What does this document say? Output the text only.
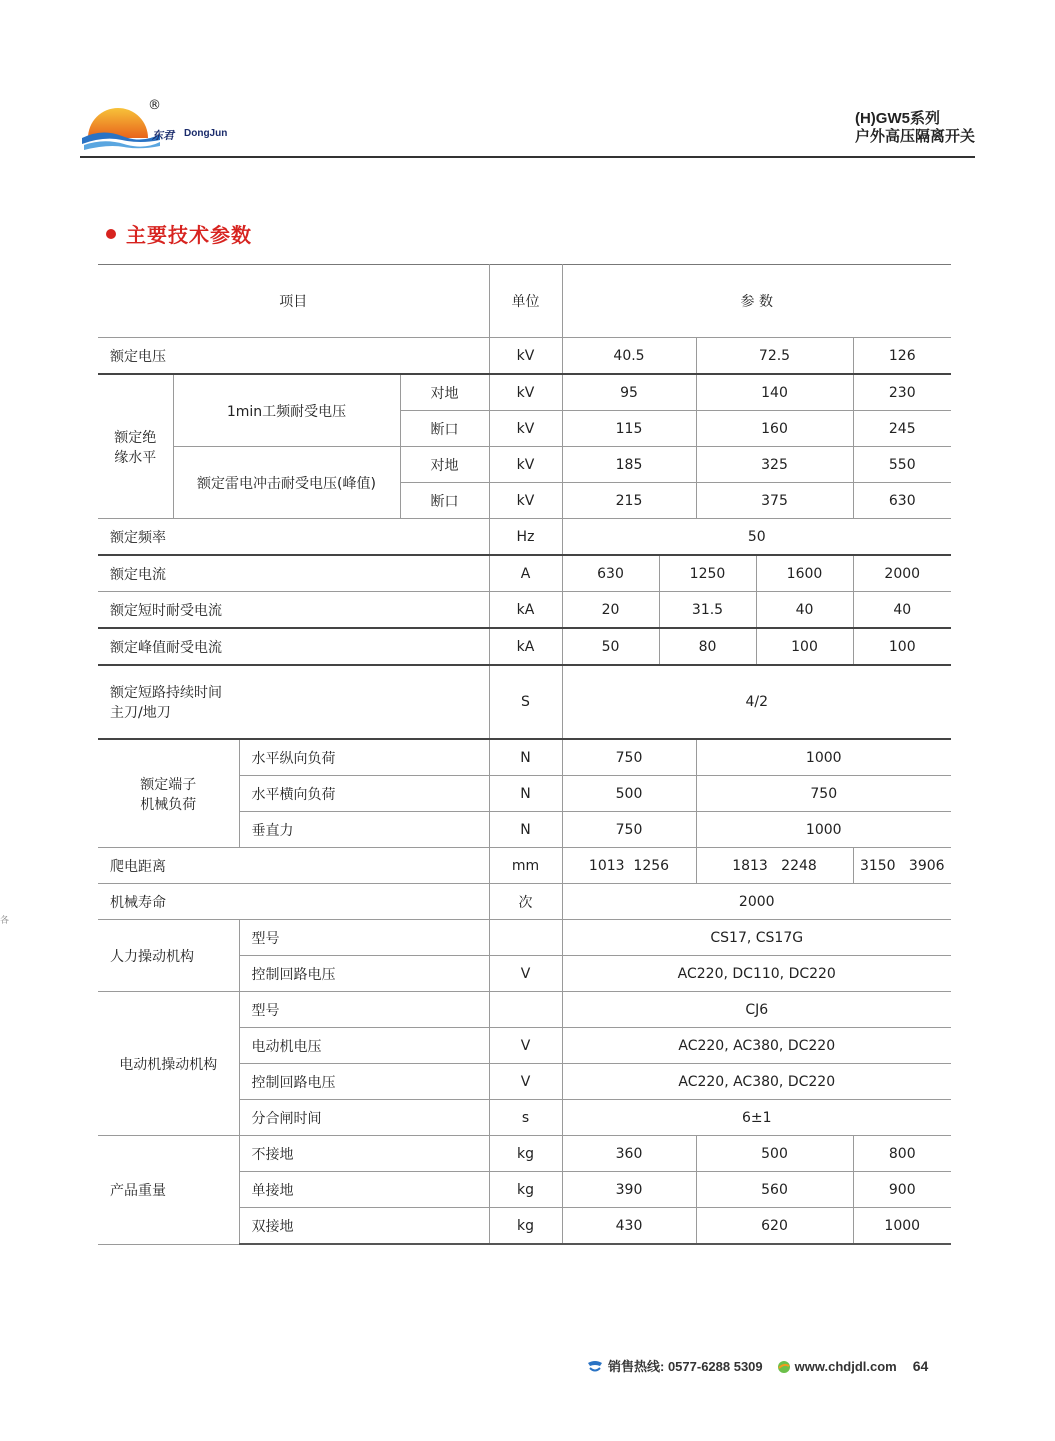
®
东君 DongJun
(H)GW5系列
户外高压隔离开关
各
主要技术参数
项目				单位	参 数				
额定电压				kV	40.5		72.5		126
额定绝缘水平	1min工频耐受电压		对地	kV	95		140		230
			断口	kV	115		160		245
	额定雷电冲击耐受电压(峰值)		对地	kV	185		325		550
			断口	kV	215		375		630
额定频率				Hz	50				
额定电流				A	630	1250		1600	2000
额定短时耐受电流				kA	20	31.5		40	40
额定峰值耐受电流				kA	50	80		100	100

额定短路持续时间
主刀/地刀				S	4/2				

额定端子
机械负荷		水平纵向负荷		N	750		1000		
		水平横向负荷		N	500		750		
		垂直力		N	750		1000		
爬电距离				mm	1013  1256		1813   2248		3150   3906
机械寿命				次	2000				
人力操动机构		型号			CS17, CS17G				
		控制回路电压		V	AC220, DC110, DC220				
电动机操动机构		型号			CJ6				
		电动机电压		V	AC220, AC380, DC220				
		控制回路电压		V	AC220, AC380, DC220				
		分合闸时间		s	6±1				
产品重量		不接地		kg	360		500		800
		单接地		kg	390		560		900
		双接地		kg	430		620		1000
销售热线: 0577-6288 5309 www.chdjdl.com 64
